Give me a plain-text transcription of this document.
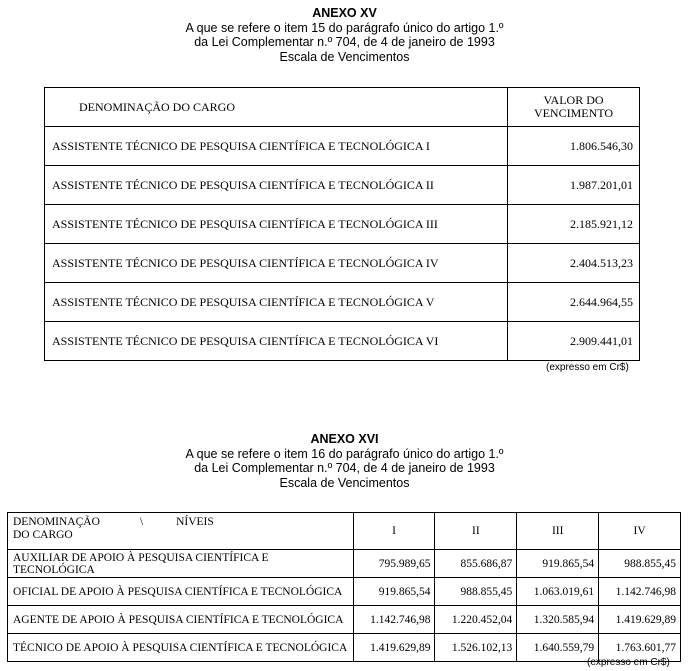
ANEXO XV
A que se refere o item 15 do parágrafo único do artigo 1.º
da Lei Complementar n.º 704, de 4 de janeiro de 1993
Escala de Vencimentos
DENOMINAÇÃO DO CARGO	VALOR DO
VENCIMENTO

ASSISTENTE TÉCNICO DE PESQUISA CIENTÍFICA E TECNOLÓGICA I	1.806.546,30
ASSISTENTE TÉCNICO DE PESQUISA CIENTÍFICA E TECNOLÓGICA II	1.987.201,01
ASSISTENTE TÉCNICO DE PESQUISA CIENTÍFICA E TECNOLÓGICA III	2.185.921,12
ASSISTENTE TÉCNICO DE PESQUISA CIENTÍFICA E TECNOLÓGICA IV	2.404.513,23
ASSISTENTE TÉCNICO DE PESQUISA CIENTÍFICA E TECNOLÓGICA V	2.644.964,55
ASSISTENTE TÉCNICO DE PESQUISA CIENTÍFICA E TECNOLÓGICA VI	2.909.441,01
(expresso em Cr$)
ANEXO XVI
A que se refere o item 16 do parágrafo único do artigo 1.º
da Lei Complementar n.º 704, de 4 de janeiro de 1993
Escala de Vencimentos
DENOMINAÇÃO \ NÍVEIS
DO CARGO	I	II	III	IV
AUXILIAR DE APOIO À PESQUISA CIENTÍFICA E TECNOLÓGICA	795.989,65	855.686,87	919.865,54	988.855,45
OFICIAL DE APOIO À PESQUISA CIENTÍFICA E TECNOLÓGICA	919.865,54	988.855,45	1.063.019,61	1.142.746,98
AGENTE DE APOIO À PESQUISA CIENTÍFICA E TECNOLÓGICA	1.142.746,98	1.220.452,04	1.320.585,94	1.419.629,89
TÉCNICO DE APOIO À PESQUISA CIENTÍFICA E TECNOLÓGICA	1.419.629,89	1.526.102,13	1.640.559,79	1.763.601,77
(expresso em Cr$)
